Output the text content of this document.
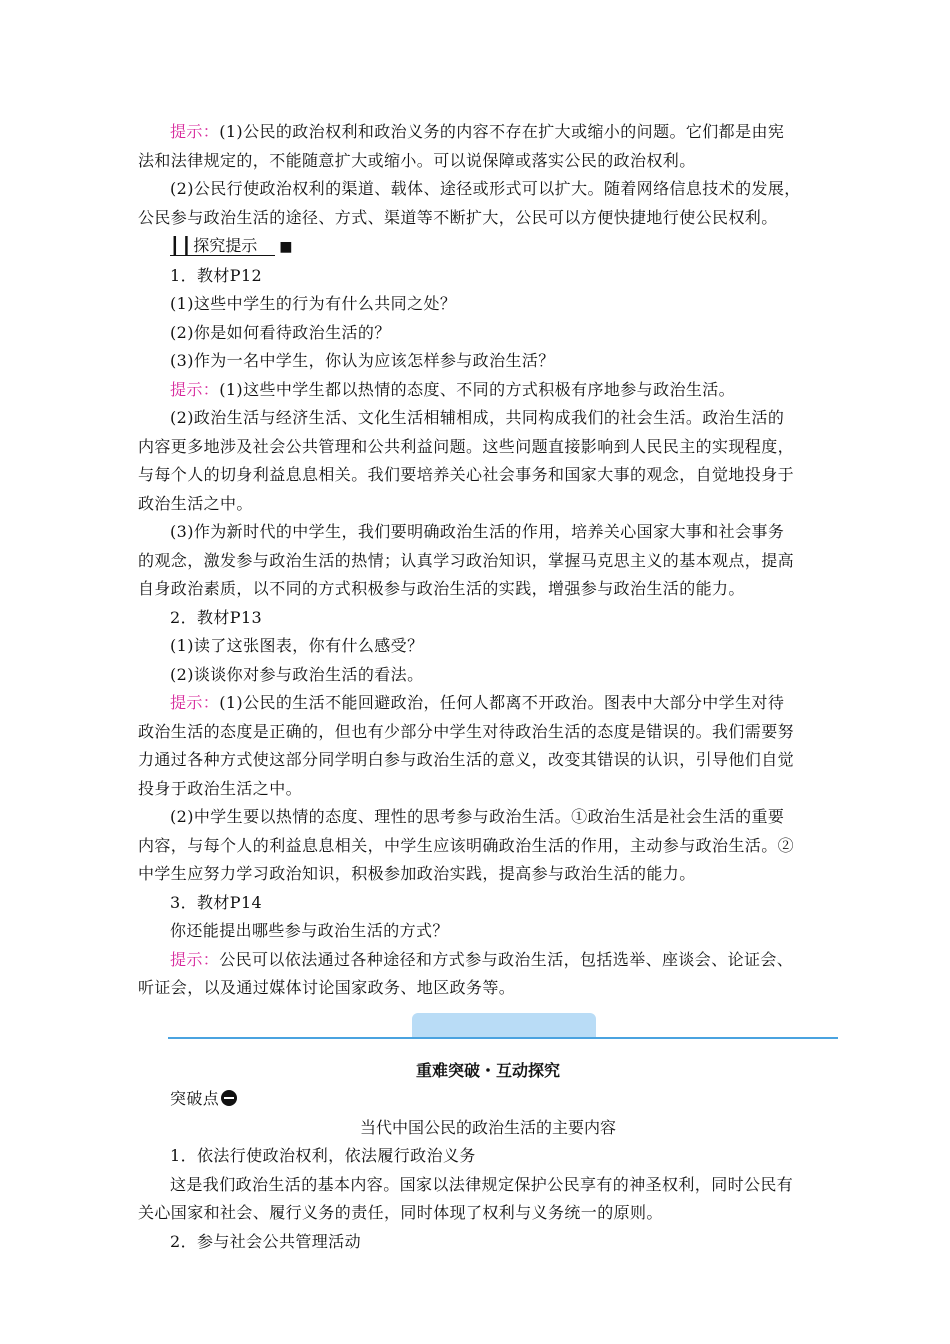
提示：(1)公民的政治权利和政治义务的内容不存在扩大或缩小的问题。它们都是由宪

法和法律规定的，不能随意扩大或缩小。可以说保障或落实公民的政治权利。

(2)公民行使政治权利的渠道、载体、途径或形式可以扩大。随着网络信息技术的发展，

公民参与政治生活的途径、方式、渠道等不断扩大，公民可以方便快捷地行使公民权利。

┃┃探究提示 ■

1．教材P12

(1)这些中学生的行为有什么共同之处？

(2)你是如何看待政治生活的？

(3)作为一名中学生，你认为应该怎样参与政治生活？

提示：(1)这些中学生都以热情的态度、不同的方式积极有序地参与政治生活。

(2)政治生活与经济生活、文化生活相辅相成，共同构成我们的社会生活。政治生活的

内容更多地涉及社会公共管理和公共利益问题。这些问题直接影响到人民民主的实现程度，

与每个人的切身利益息息相关。我们要培养关心社会事务和国家大事的观念，自觉地投身于

政治生活之中。

(3)作为新时代的中学生，我们要明确政治生活的作用，培养关心国家大事和社会事务

的观念，激发参与政治生活的热情；认真学习政治知识，掌握马克思主义的基本观点，提高

自身政治素质，以不同的方式积极参与政治生活的实践，增强参与政治生活的能力。

2．教材P13

(1)读了这张图表，你有什么感受？

(2)谈谈你对参与政治生活的看法。

提示：(1)公民的生活不能回避政治，任何人都离不开政治。图表中大部分中学生对待

政治生活的态度是正确的，但也有少部分中学生对待政治生活的态度是错误的。我们需要努

力通过各种方式使这部分同学明白参与政治生活的意义，改变其错误的认识，引导他们自觉

投身于政治生活之中。

(2)中学生要以热情的态度、理性的思考参与政治生活。①政治生活是社会生活的重要

内容，与每个人的利益息息相关，中学生应该明确政治生活的作用，主动参与政治生活。②

中学生应努力学习政治知识，积极参加政治实践，提高参与政治生活的能力。

3．教材P14

你还能提出哪些参与政治生活的方式？

提示：公民可以依法通过各种途径和方式参与政治生活，包括选举、座谈会、论证会、

听证会，以及通过媒体讨论国家政务、地区政务等。

重难突破・互动探究

突破点

当代中国公民的政治生活的主要内容

1．依法行使政治权利，依法履行政治义务

这是我们政治生活的基本内容。国家以法律规定保护公民享有的神圣权利，同时公民有

关心国家和社会、履行义务的责任，同时体现了权利与义务统一的原则。

2．参与社会公共管理活动
